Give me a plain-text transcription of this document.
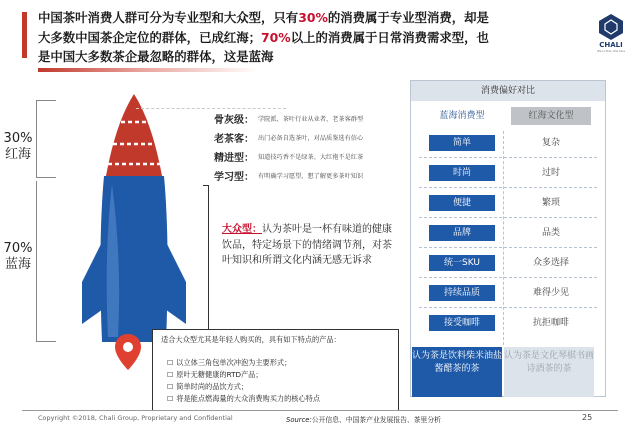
中国茶叶消费人群可分为专业型和大众型，只有30%的消费属于专业型消费，却是
大多数中国茶企定位的群体，已成红海；70%以上的消费属于日常消费需求型，也
是中国大多数茶企最忽略的群体，这是蓝海
CHALI
life is fine, the fare
30%
红海
70%
蓝海
骨灰级： 学院派、茶叶行业从业者、老茶客群型
老茶客： 出门必备自选茶叶，对品质鉴选有信心
精进型： 知道技巧香不是绿茶、大红袍不是红茶
学习型： 有明确学习愿望，想了解更多茶叶知识
大众型：认为茶叶是一杯有味道的健康饮品，特定场景下的情绪调节剂，对茶叶知识和所谓文化内涵无感无诉求
适合大众型尤其是年轻人购买的，具有如下特点的产品：
☐ 以立体三角包单次冲泡为主要形式；
☐ 原叶无糖健康的RTD产品；
☐ 简单时尚的品饮方式；
☐ 将是能点燃海量的大众消费购买力的核心特点
消费偏好对比
蓝海消费型	红海文化型
简单	复杂
时尚	过时
便捷	繁琐
品牌	品类
统一SKU	众多选择
持续品质	难得少见
接受咖啡	抗拒咖啡
认为茶是饮料柴米油盐酱醋茶的茶
认为茶是文化琴棋书画诗酒茶的茶
Copyright ©2018, Chali Group, Proprietary and Confidential	Source:公开信息、中国茶产业发展报告、茶里分析	25
